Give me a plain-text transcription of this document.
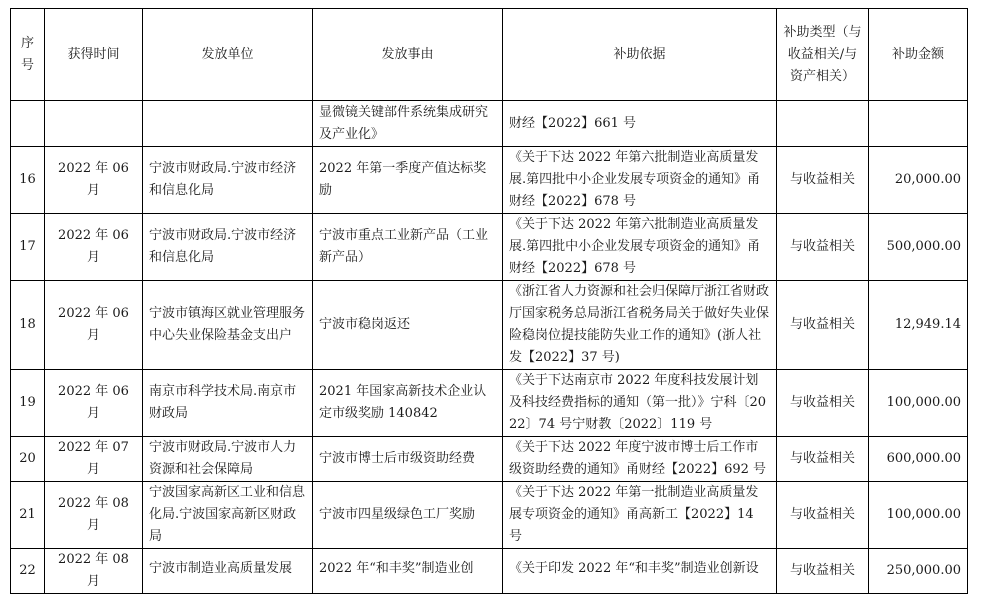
序号	获得时间	发放单位	发放事由	补助依据	补助类型（与收益相关/与资产相关）	补助金额
			显微镜关键部件系统集成研究及产业化》	财经【2022】661 号		
16	2022 年 06 月	宁波市财政局.宁波市经济和信息化局	2022 年第一季度产值达标奖励	《关于下达 2022 年第六批制造业高质量发展.第四批中小企业发展专项资金的通知》甬财经【2022】678 号	与收益相关	20,000.00
17	2022 年 06 月	宁波市财政局.宁波市经济和信息化局	宁波市重点工业新产品（工业新产品）	《关于下达 2022 年第六批制造业高质量发展.第四批中小企业发展专项资金的通知》甬财经【2022】678 号	与收益相关	500,000.00
18	2022 年 06 月	宁波市镇海区就业管理服务中心失业保险基金支出户	宁波市稳岗返还	《浙江省人力资源和社会归保障厅浙江省财政厅国家税务总局浙江省税务局关于做好失业保险稳岗位提技能防失业工作的通知》(浙人社发【2022】37 号)	与收益相关	12,949.14
19	2022 年 06 月	南京市科学技术局.南京市财政局	2021 年国家高新技术企业认定市级奖励 140842	《关于下达南京市 2022 年度科技发展计划及科技经费指标的通知（第一批）》宁科〔2022〕74 号宁财教〔2022〕119 号	与收益相关	100,000.00
20	2022 年 07 月	宁波市财政局.宁波市人力资源和社会保障局	宁波市博士后市级资助经费	《关于下达 2022 年度宁波市博士后工作市级资助经费的通知》甬财经【2022】692 号	与收益相关	600,000.00
21	2022 年 08 月	宁波国家高新区工业和信息化局.宁波国家高新区财政局	宁波市四星级绿色工厂奖励	《关于下达 2022 年第一批制造业高质量发展专项资金的通知》甬高新工【2022】14 号	与收益相关	100,000.00
22	2022 年 08 月	宁波市制造业高质量发展	2022 年“和丰奖”制造业创	《关于印发 2022 年“和丰奖”制造业创新设	与收益相关	250,000.00
